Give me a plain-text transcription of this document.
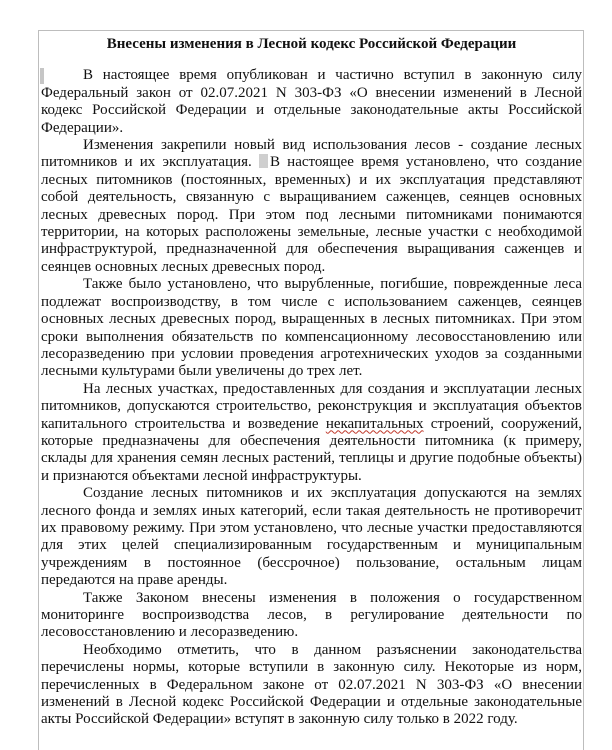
Внесены изменения в Лесной кодекс Российской Федерации

В настоящее время опубликован и частично вступил в законную силу Федеральный закон от 02.07.2021 N 303-ФЗ «О внесении изменений в Лесной кодекс Российской Федерации и отдельные законодательные акты Российской Федерации».

Изменения закрепили новый вид использования лесов - создание лесных питомников и их эксплуатация. В настоящее время установлено, что создание лесных питомников (постоянных, временных) и их эксплуатация представляют собой деятельность, связанную с выращиванием саженцев, сеянцев основных лесных древесных пород. При этом под лесными питомниками понимаются территории, на которых расположены земельные, лесные участки с необходимой инфраструктурой, предназначенной для обеспечения выращивания саженцев и сеянцев основных лесных древесных пород.

Также было установлено, что вырубленные, погибшие, поврежденные леса подлежат воспроизводству, в том числе с использованием саженцев, сеянцев основных лесных древесных пород, выращенных в лесных питомниках. При этом сроки выполнения обязательств по компенсационному лесовосстановлению или лесоразведению при условии проведения агротехнических уходов за созданными лесными культурами были увеличены до трех лет.

На лесных участках, предоставленных для создания и эксплуатации лесных питомников, допускаются строительство, реконструкция и эксплуатация объектов капитального строительства и возведение некапитальных строений, сооружений, которые предназначены для обеспечения деятельности питомника (к примеру, склады для хранения семян лесных растений, теплицы и другие подобные объекты) и признаются объектами лесной инфраструктуры.

Создание лесных питомников и их эксплуатация допускаются на землях лесного фонда и землях иных категорий, если такая деятельность не противоречит их правовому режиму. При этом установлено, что лесные участки предоставляются для этих целей специализированным государственным и муниципальным учреждениям в постоянное (бессрочное) пользование, остальным лицам передаются на праве аренды.

Также Законом внесены изменения в положения о государственном мониторинге воспроизводства лесов, в регулирование деятельности по лесовосстановлению и лесоразведению.

Необходимо отметить, что в данном разъяснении законодательства перечислены нормы, которые вступили в законную силу. Некоторые из норм, перечисленных в Федеральном законе от 02.07.2021 N 303-ФЗ «О внесении изменений в Лесной кодекс Российской Федерации и отдельные законодательные акты Российской Федерации» вступят в законную силу только в 2022 году.
